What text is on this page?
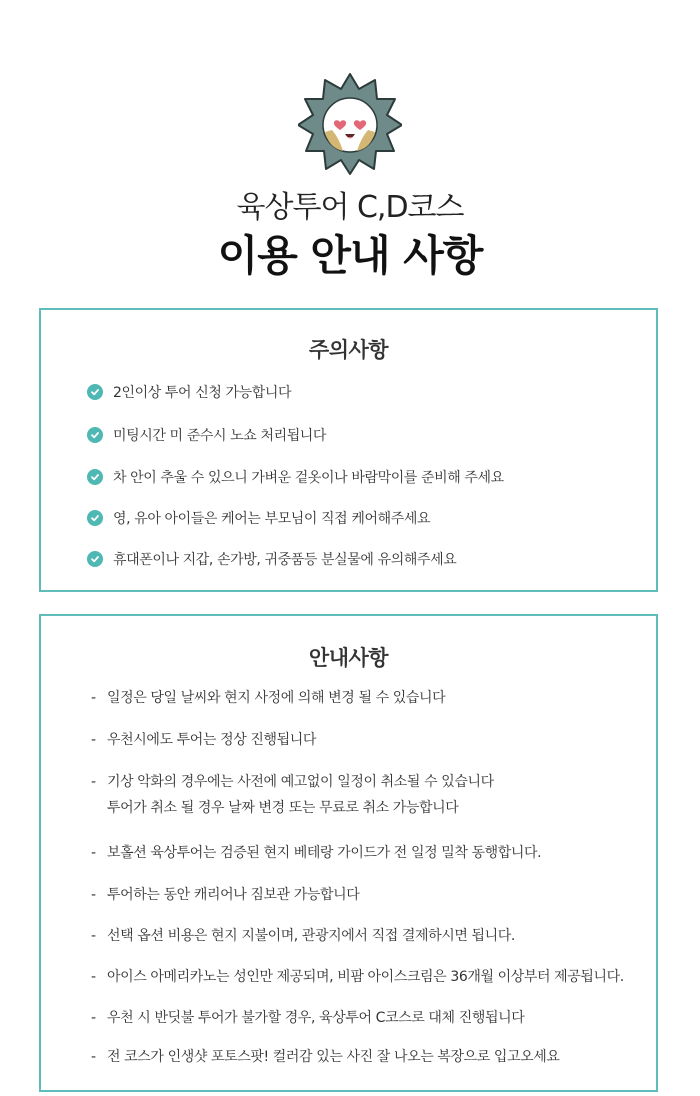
육상투어 C,D코스
이용 안내 사항
주의사항
2인이상 투어 신청 가능합니다
미팅시간 미 준수시 노쇼 처리됩니다
차 안이 추울 수 있으니 가벼운 겉옷이나 바람막이를 준비해 주세요
영, 유아 아이들은 케어는 부모님이 직접 케어해주세요
휴대폰이나 지갑, 손가방, 귀중품등 분실물에 유의해주세요
안내사항
- 일정은 당일 날씨와 현지 사정에 의해 변경 될 수 있습니다
- 우천시에도 투어는 정상 진행됩니다
- 기상 악화의 경우에는 사전에 예고없이 일정이 취소될 수 있습니다
투어가 취소 될 경우 날짜 변경 또는 무료로 취소 가능합니다
- 보홀션 육상투어는 검증된 현지 베테랑 가이드가 전 일정 밀착 동행합니다.
- 투어하는 동안 캐리어나 짐보관 가능합니다
- 선택 옵션 비용은 현지 지불이며, 관광지에서 직접 결제하시면 됩니다.
- 아이스 아메리카노는 성인만 제공되며, 비팜 아이스크림은 36개월 이상부터 제공됩니다.
- 우천 시 반딧불 투어가 불가할 경우, 육상투어 C코스로 대체 진행됩니다
- 전 코스가 인생샷 포토스팟! 컬러감 있는 사진 잘 나오는 복장으로 입고오세요
